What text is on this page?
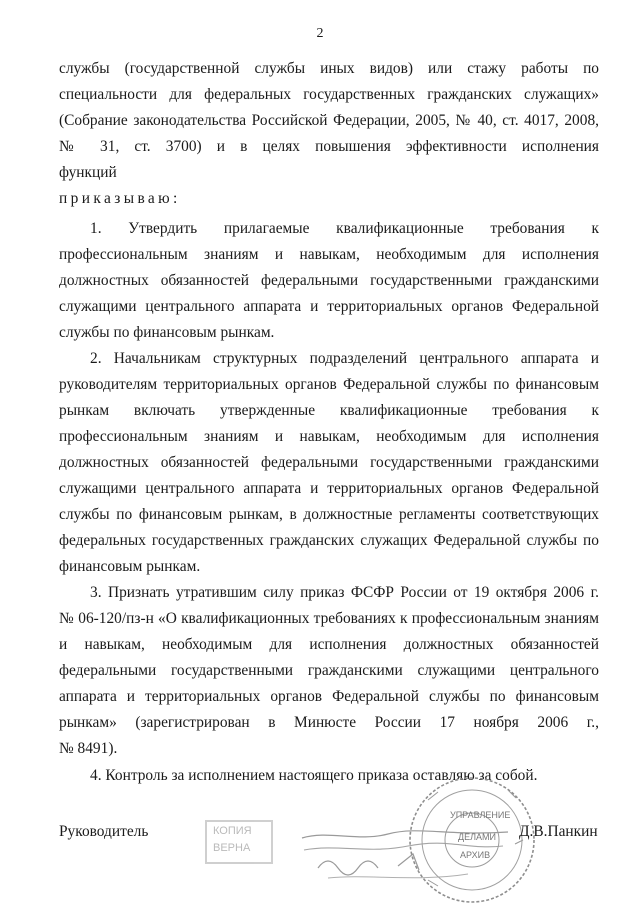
2
службы (государственной службы иных видов) или стажу работы по
специальности для федеральных государственных гражданских служащих»
(Собрание законодательства Российской Федерации, 2005, № 40, ст. 4017, 2008,
№ 31, ст. 3700) и в целях повышения эффективности исполнения
функций
приказываю:
1. Утвердить прилагаемые квалификационные требования к
профессиональным знаниям и навыкам, необходимым для исполнения
должностных обязанностей федеральными государственными гражданскими
служащими центрального аппарата и территориальных органов Федеральной
службы по финансовым рынкам.
2. Начальникам структурных подразделений центрального аппарата и
руководителям территориальных органов Федеральной службы по финансовым
рынкам включать утвержденные квалификационные требования к
профессиональным знаниям и навыкам, необходимым для исполнения
должностных обязанностей федеральными государственными гражданскими
служащими центрального аппарата и территориальных органов Федеральной
службы по финансовым рынкам, в должностные регламенты соответствующих
федеральных государственных гражданских служащих Федеральной службы по
финансовым рынкам.
3. Признать утратившим силу приказ ФСФР России от 19 октября 2006 г.
№ 06-120/пз-н «О квалификационных требованиях к профессиональным знаниям
и навыкам, необходимым для исполнения должностных обязанностей
федеральными государственными гражданскими служащими центрального
аппарата и территориальных органов Федеральной службы по финансовым
рынкам» (зарегистрирован в Минюсте России 17 ноября 2006 г.,
№ 8491).
4. Контроль за исполнением настоящего приказа оставляю за собой.
КОПИЯ
ВЕРНА
УПРАВЛЕНИЕ
ДЕЛАМИ
АРХИВ
Руководитель	Д.В.Панкин
